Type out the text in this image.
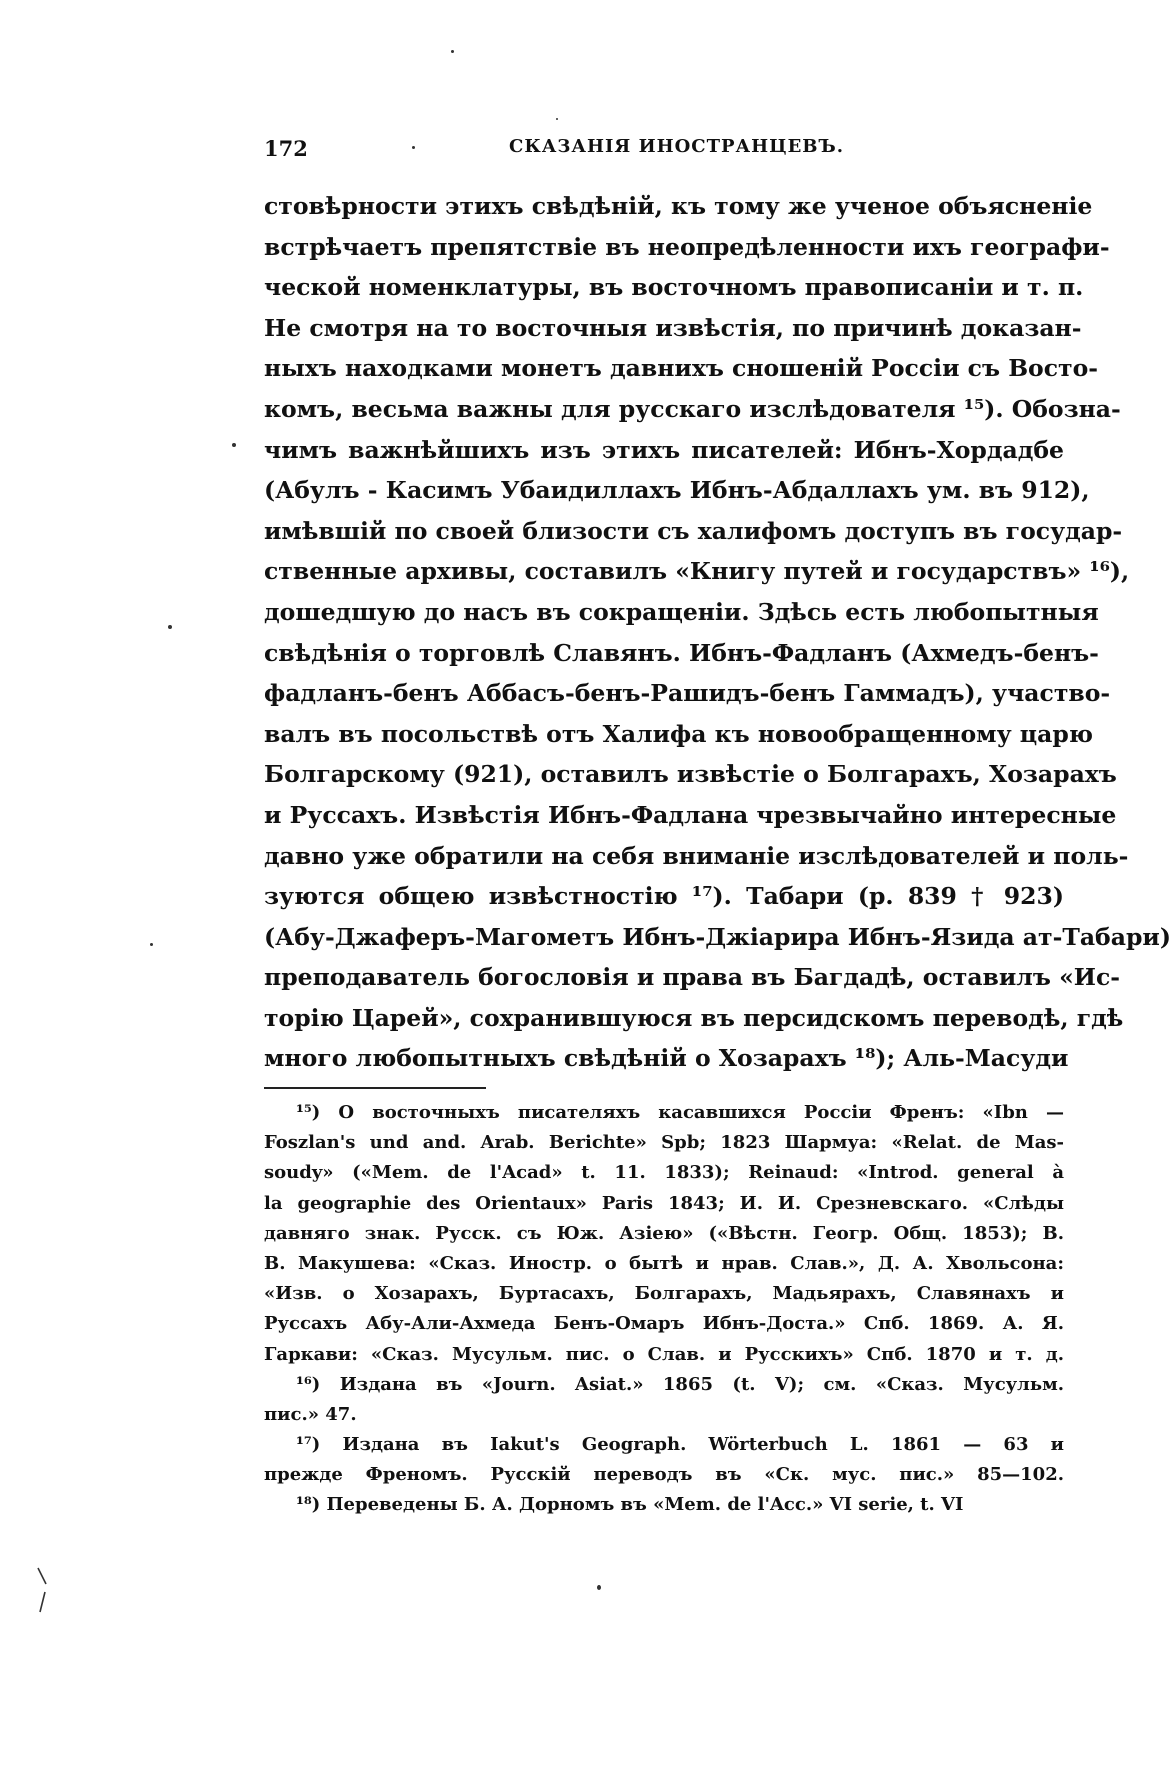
172	СКАЗАНІЯ ИНОСТРАНЦЕВЪ.
стовѣрности этихъ свѣдѣній, къ тому же ученое объясненіе
встрѣчаетъ препятствіе въ неопредѣленности ихъ географи-
ческой номенклатуры, въ восточномъ правописаніи и т. п.
Не смотря на то восточныя извѣстія, по причинѣ доказан-
ныхъ находками монетъ давнихъ сношеній Россіи съ Восто-
комъ, весьма важны для русскаго изслѣдователя ¹⁵). Обозна-
чимъ важнѣйшихъ изъ этихъ писателей: Ибнъ-Хордадбе
(Абулъ - Касимъ Убаидиллахъ Ибнъ-Абдаллахъ ум. въ 912),
имѣвшій по своей близости съ халифомъ доступъ въ государ-
ственные архивы, составилъ «Книгу путей и государствъ» ¹⁶),
дошедшую до насъ въ сокращеніи. Здѣсь есть любопытныя
свѣдѣнія о торговлѣ Славянъ. Ибнъ-Фадланъ (Ахмедъ-бенъ-
фадланъ-бенъ Аббасъ-бенъ-Рашидъ-бенъ Гаммадъ), участво-
валъ въ посольствѣ отъ Халифа къ новообращенному царю
Болгарскому (921), оставилъ извѣстіе о Болгарахъ, Хозарахъ
и Руссахъ. Извѣстія Ибнъ-Фадлана чрезвычайно интересные
давно уже обратили на себя вниманіе изслѣдователей и поль-
зуются общею извѣстностію ¹⁷). Табари (р. 839 † 923)
(Абу-Джаферъ-Магометъ Ибнъ-Джіарира Ибнъ-Язида ат-Табари)
преподаватель богословія и права въ Багдадѣ, оставилъ «Ис-
торію Царей», сохранившуюся въ персидскомъ переводѣ, гдѣ
много любопытныхъ свѣдѣній о Хозарахъ ¹⁸); Аль-Масуди
¹⁵) О восточныхъ писателяхъ касавшихся Россіи Френъ: «Ibn —
Foszlan's und and. Arab. Berichte» Spb; 1823 Шармуа: «Relat. de Mas-
soudy» («Mem. de l'Acad» t. 11. 1833); Reinaud: «Introd. general à
la geographie des Orientaux» Paris 1843; И. И. Срезневскаго. «Слѣды
давняго знак. Русск. съ Юж. Азіею» («Вѣстн. Геогр. Общ. 1853); В.
В. Макушева: «Сказ. Иностр. о бытѣ и нрав. Слав.», Д. А. Хвольсона:
«Изв. о Хозарахъ, Буртасахъ, Болгарахъ, Мадьярахъ, Славянахъ и
Руссахъ Абу-Али-Ахмеда Бенъ-Омаръ Ибнъ-Доста.» Спб. 1869. А. Я.
Гаркави: «Сказ. Мусульм. пис. о Слав. и Русскихъ» Спб. 1870 и т. д.
¹⁶) Издана въ «Journ. Asiat.» 1865 (t. V); см. «Сказ. Мусульм.
пис.» 47.
¹⁷) Издана въ Iakut's Geograph. Wörterbuch L. 1861 — 63 и
прежде Френомъ. Русскій переводъ въ «Ск. мус. пис.» 85—102.
¹⁸) Переведены Б. А. Дорномъ въ «Mem. de l'Acc.» VI serie, t. VI
